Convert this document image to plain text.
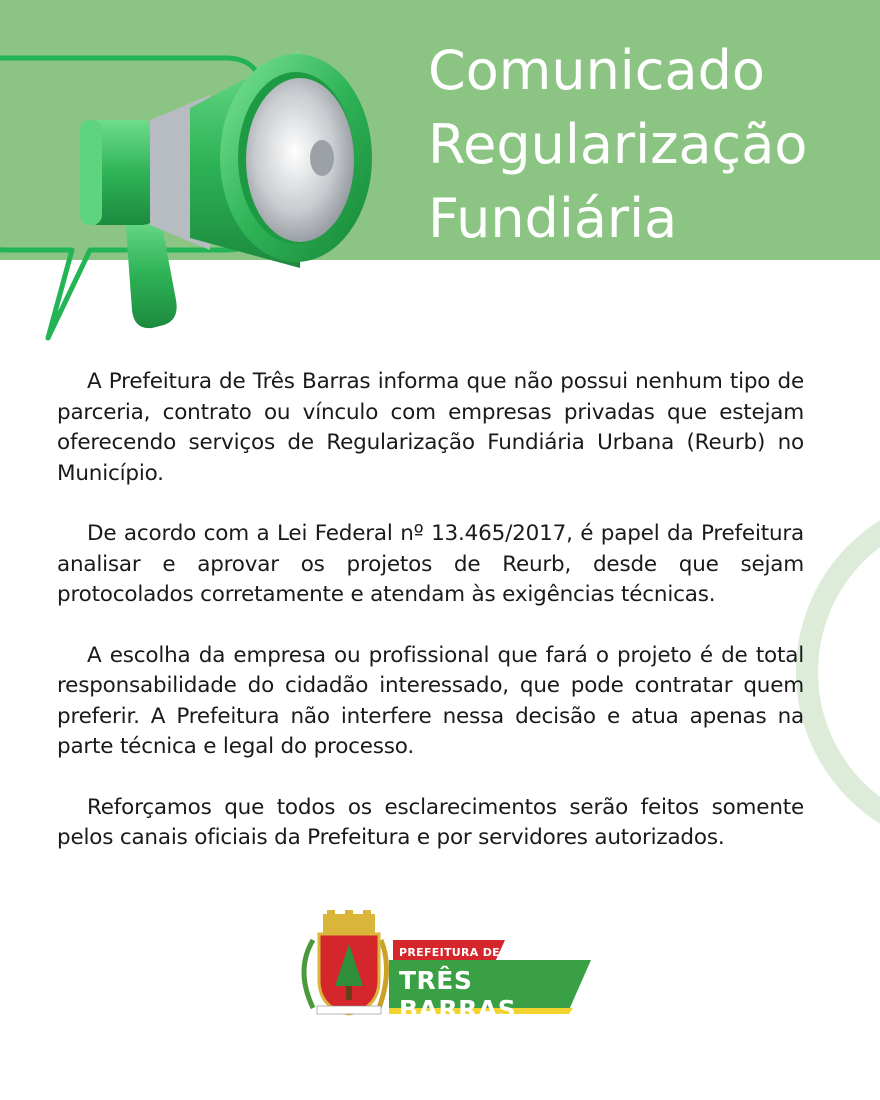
Comunicado
Regularização
Fundiária

A Prefeitura de Três Barras informa que não possui nenhum tipo de parceria, contrato ou vínculo com empresas privadas que estejam oferecendo serviços de Regularização Fundiária Urbana (Reurb) no Município.

De acordo com a Lei Federal nº 13.465/2017, é papel da Prefeitura analisar e aprovar os projetos de Reurb, desde que sejam protocolados corretamente e atendam às exigências técnicas.

A escolha da empresa ou profissional que fará o projeto é de total responsabilidade do cidadão interessado, que pode contratar quem preferir. A Prefeitura não interfere nessa decisão e atua apenas na parte técnica e legal do processo.

Reforçamos que todos os esclarecimentos serão feitos somente pelos canais oficiais da Prefeitura e por servidores autorizados.

PREFEITURA DE
TRÊS BARRAS
